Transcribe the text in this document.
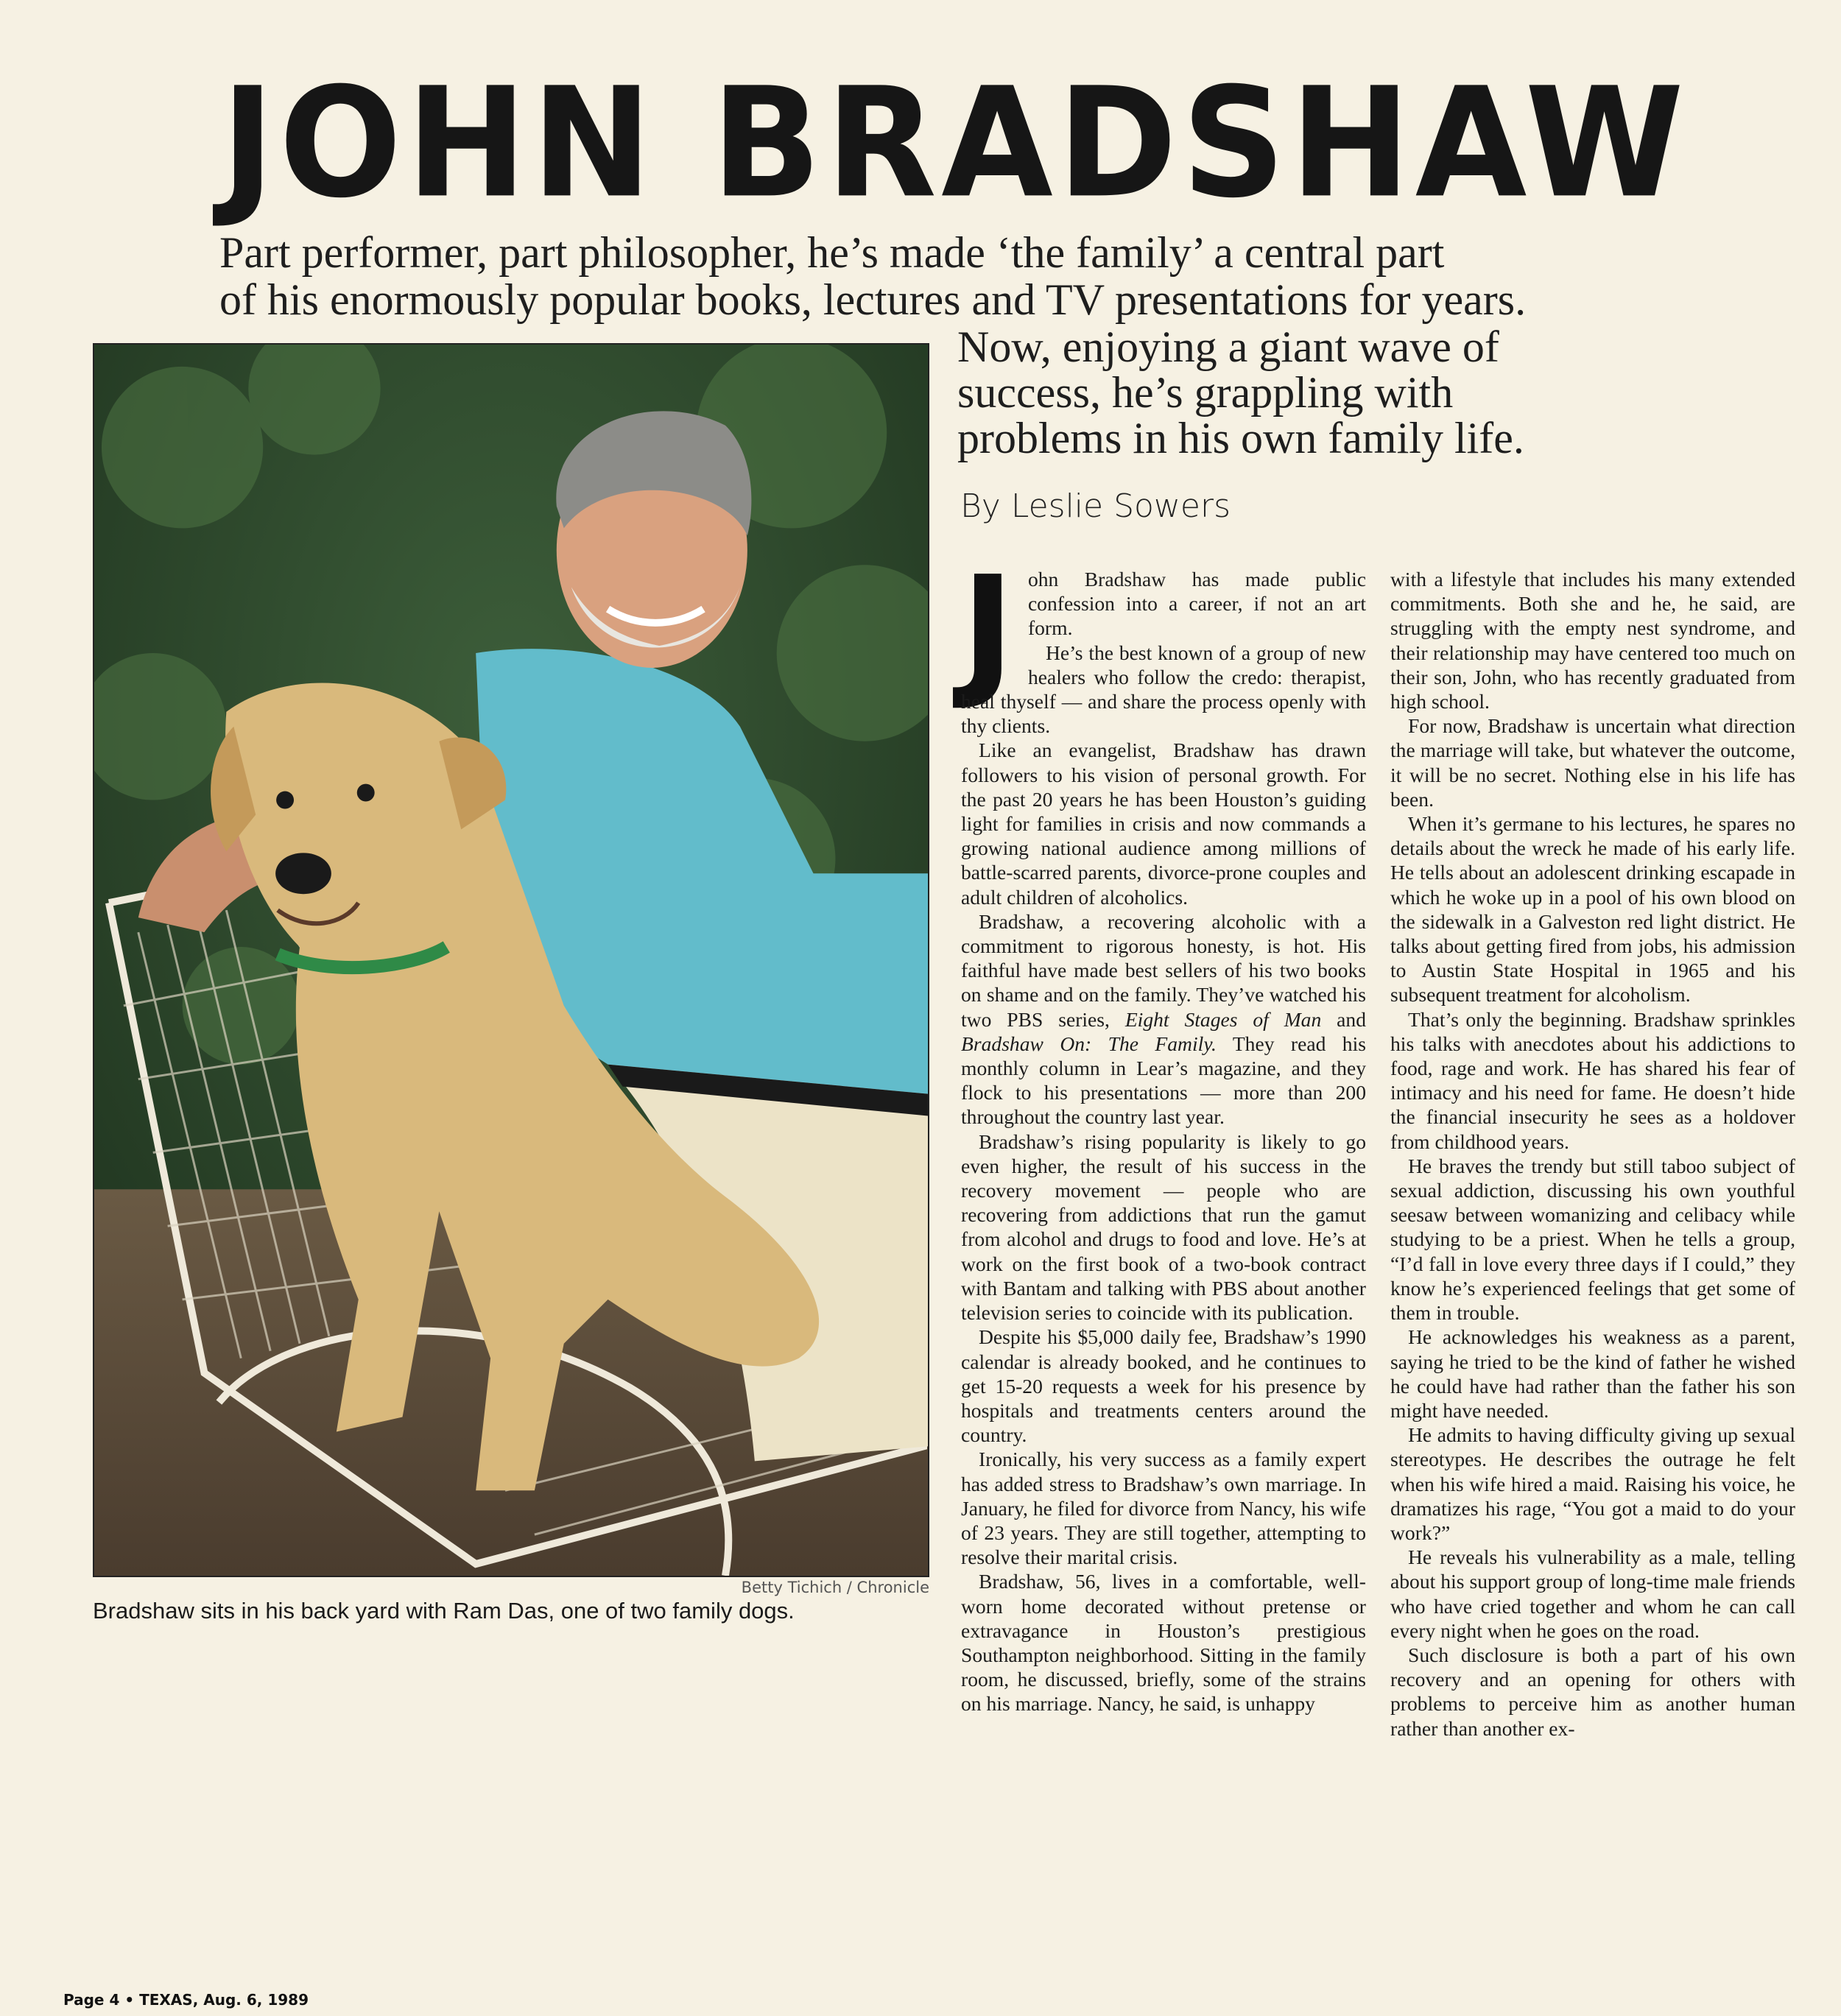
JOHN BRADSHAW

Part performer, part philosopher, he’s made ‘the family’ a central part

of his enormously popular books, lectures and TV presentations for years.

Now, enjoying a giant wave of

success, he’s grappling with

problems in his own family life.

By Leslie Sowers

Betty Tichich / Chronicle

Bradshaw sits in his back yard with Ram Das, one of two family dogs.

John Bradshaw has made public confession into a career, if not an art form.

He’s the best known of a group of new healers who follow the credo: therapist, heal thyself — and share the process openly with thy clients.

Like an evangelist, Bradshaw has drawn followers to his vision of personal growth. For the past 20 years he has been Houston’s guiding light for families in crisis and now commands a growing national audience among millions of battle-scarred parents, divorce-prone couples and adult children of alcoholics.

Bradshaw, a recovering alcoholic with a commitment to rigorous honesty, is hot. His faithful have made best sellers of his two books on shame and on the family. They’ve watched his two PBS series, Eight Stages of Man and Bradshaw On: The Family. They read his monthly column in Lear’s magazine, and they flock to his presentations — more than 200 throughout the country last year.

Bradshaw’s rising popularity is likely to go even higher, the result of his success in the recovery movement — people who are recovering from addictions that run the gamut from alcohol and drugs to food and love. He’s at work on the first book of a two-book contract with Bantam and talking with PBS about another television series to coincide with its publication.

Despite his $5,000 daily fee, Bradshaw’s 1990 calendar is already booked, and he continues to get 15-20 requests a week for his presence by hospitals and treatments centers around the country.

Ironically, his very success as a family expert has added stress to Bradshaw’s own marriage. In January, he filed for divorce from Nancy, his wife of 23 years. They are still together, attempting to resolve their marital crisis.

Bradshaw, 56, lives in a comfortable, well-worn home decorated without pretense or extravagance in Houston’s prestigious Southampton neighborhood. Sitting in the family room, he discussed, briefly, some of the strains on his marriage. Nancy, he said, is unhappy

with a lifestyle that includes his many extended commitments. Both she and he, he said, are struggling with the empty nest syndrome, and their relationship may have centered too much on their son, John, who has recently graduated from high school.

For now, Bradshaw is uncertain what direction the marriage will take, but whatever the outcome, it will be no secret. Nothing else in his life has been.

When it’s germane to his lectures, he spares no details about the wreck he made of his early life. He tells about an adolescent drinking escapade in which he woke up in a pool of his own blood on the sidewalk in a Galveston red light district. He talks about getting fired from jobs, his admission to Austin State Hospital in 1965 and his subsequent treatment for alcoholism.

That’s only the beginning. Bradshaw sprinkles his talks with anecdotes about his addictions to food, rage and work. He has shared his fear of intimacy and his need for fame. He doesn’t hide the financial insecurity he sees as a holdover from childhood years.

He braves the trendy but still taboo subject of sexual addiction, discussing his own youthful seesaw between womanizing and celibacy while studying to be a priest. When he tells a group, “I’d fall in love every three days if I could,” they know he’s experienced feelings that get some of them in trouble.

He acknowledges his weakness as a parent, saying he tried to be the kind of father he wished he could have had rather than the father his son might have needed.

He admits to having difficulty giving up sexual stereotypes. He describes the outrage he felt when his wife hired a maid. Raising his voice, he dramatizes his rage, “You got a maid to do your work?”

He reveals his vulnerability as a male, telling about his support group of long-time male friends who have cried together and whom he can call every night when he goes on the road.

Such disclosure is both a part of his own recovery and an opening for others with problems to perceive him as another human rather than another ex-

Page 4 • TEXAS, Aug. 6, 1989
